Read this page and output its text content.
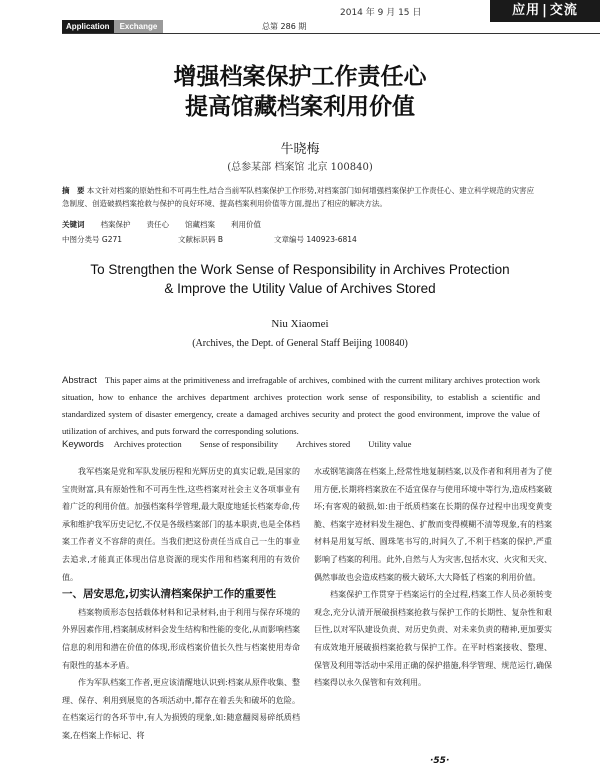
2014 年 9 月 15 日	应用 | 交流
Application	Exchange	总第 286 期
增强档案保护工作责任心
提高馆藏档案利用价值
牛晓梅
(总参某部 档案馆 北京 100840)
摘　要 本文针对档案的原始性和不可再生性,结合当前军队档案保护工作形势,对档案部门如何增强档案保护工作责任心、建立科学规范的灾害应急制度、创造破损档案抢救与保护的良好环境、提高档案利用价值等方面,提出了相应的解决方法。
关键词 档案保护 责任心 馆藏档案 利用价值
中图分类号 G271	文献标识码 B	文章编号 140923-6814
To Strengthen the Work Sense of Responsibility in Archives Protection
& Improve the Utility Value of Archives Stored
Niu Xiaomei
(Archives, the Dept. of General Staff Beijing 100840)
Abstract This paper aims at the primitiveness and irrefragable of archives, combined with the current military archives protection work situation, how to enhance the archives department archives protection work sense of responsibility, to establish a scientific and standardized system of disaster emergency, create a damaged archives security and protect the good environment, improve the value of utilization of archives, and puts forward the corresponding solutions.
Keywords Archives protection Sense of responsibility Archives stored Utility value

我军档案是党和军队发展历程和光辉历史的真实记载,是国家的宝贵财富,具有原始性和不可再生性,这些档案对社会主义各项事业有着广泛的利用价值。加强档案科学管理,最大限度地延长档案寿命,传承和维护我军历史记忆,不仅是各级档案部门的基本职责,也是全体档案工作者义不容辞的责任。当我们把这份责任当成自己一生的事业去追求,才能真正体现出信息资源的现实作用和档案利用的有效价值。

一、居安思危,切实认清档案保护工作的重要性

档案物质形态包括载体材料和记录材料,由于利用与保存环境的外界因素作用,档案制成材料会发生结构和性能的变化,从而影响档案信息的利用和潜在价值的体现,形成档案价值长久性与档案使用寿命有限性的基本矛盾。

作为军队档案工作者,更应该清醒地认识到:档案从原件收集、整理、保存、利用到展览的各项活动中,都存在着丢失和破坏的危险。在档案运行的各环节中,有人为损毁的现象,如:随意翻阅易碎纸质档案,在档案上作标记、将

水或钢笔滴落在档案上,经常性地复制档案,以及作者和利用者为了使用方便,长期将档案放在不适宜保存与使用环境中等行为,造成档案破坏;有客观的破损,如:由于纸质档案在长期的保存过程中出现变黄变脆、档案字迹材料发生褪色、扩散而变得模糊不清等现象,有的档案材料是用复写纸、圆珠笔书写的,时间久了,不利于档案的保护,严重影响了档案的利用。此外,自然与人为灾害,包括水灾、火灾和天灾、偶然事故也会造成档案的极大破坏,大大降低了档案的利用价值。

档案保护工作贯穿于档案运行的全过程,档案工作人员必须转变观念,充分认清开展破损档案抢救与保护工作的长期性、复杂性和艰巨性,以对军队建设负责、对历史负责、对未来负责的精神,更加要实有成效地开展破损档案抢救与保护工作。在平时档案接收、整理、保管及利用等活动中采用正确的保护措施,科学管理、规范运行,确保档案得以永久保管和有效利用。

·55·
